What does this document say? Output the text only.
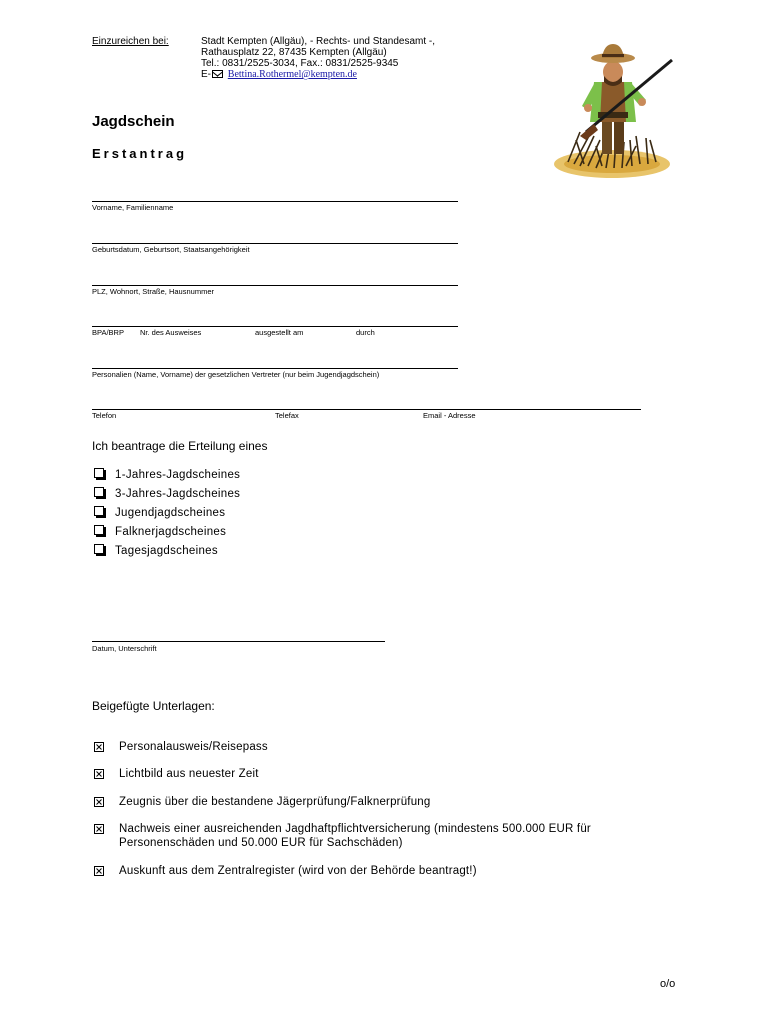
Einzureichen bei:	Stadt Kempten (Allgäu), - Rechts- und Standesamt -,
Rathausplatz 22, 87435 Kempten (Allgäu)
Tel.: 0831/2525-3034, Fax.: 0831/2525-9345
E- Bettina.Rothermel@kempten.de
Jagdschein
Erstantrag
Vorname, Familienname
Geburtsdatum, Geburtsort, Staatsangehörigkeit
PLZ, Wohnort, Straße, Hausnummer
BPA/BRP Nr. des Ausweises	ausgestellt am	durch
Personalien (Name, Vorname) der gesetzlichen Vertreter (nur beim Jugendjagdschein)
Telefon	Telefax	Email - Adresse
Ich beantrage die Erteilung eines
1-Jahres-Jagdscheines
3-Jahres-Jagdscheines
Jugendjagdscheines
Falknerjagdscheines
Tagesjagdscheines
Datum, Unterschrift
Beigefügte Unterlagen:
Personalausweis/Reisepass
Lichtbild aus neuester Zeit
Zeugnis über die bestandene Jägerprüfung/Falknerprüfung
Nachweis einer ausreichenden Jagdhaftpflichtversicherung (mindestens 500.000 EUR für Personenschäden und 50.000 EUR für Sachschäden)
Auskunft aus dem Zentralregister (wird von der Behörde beantragt!)
o/o
